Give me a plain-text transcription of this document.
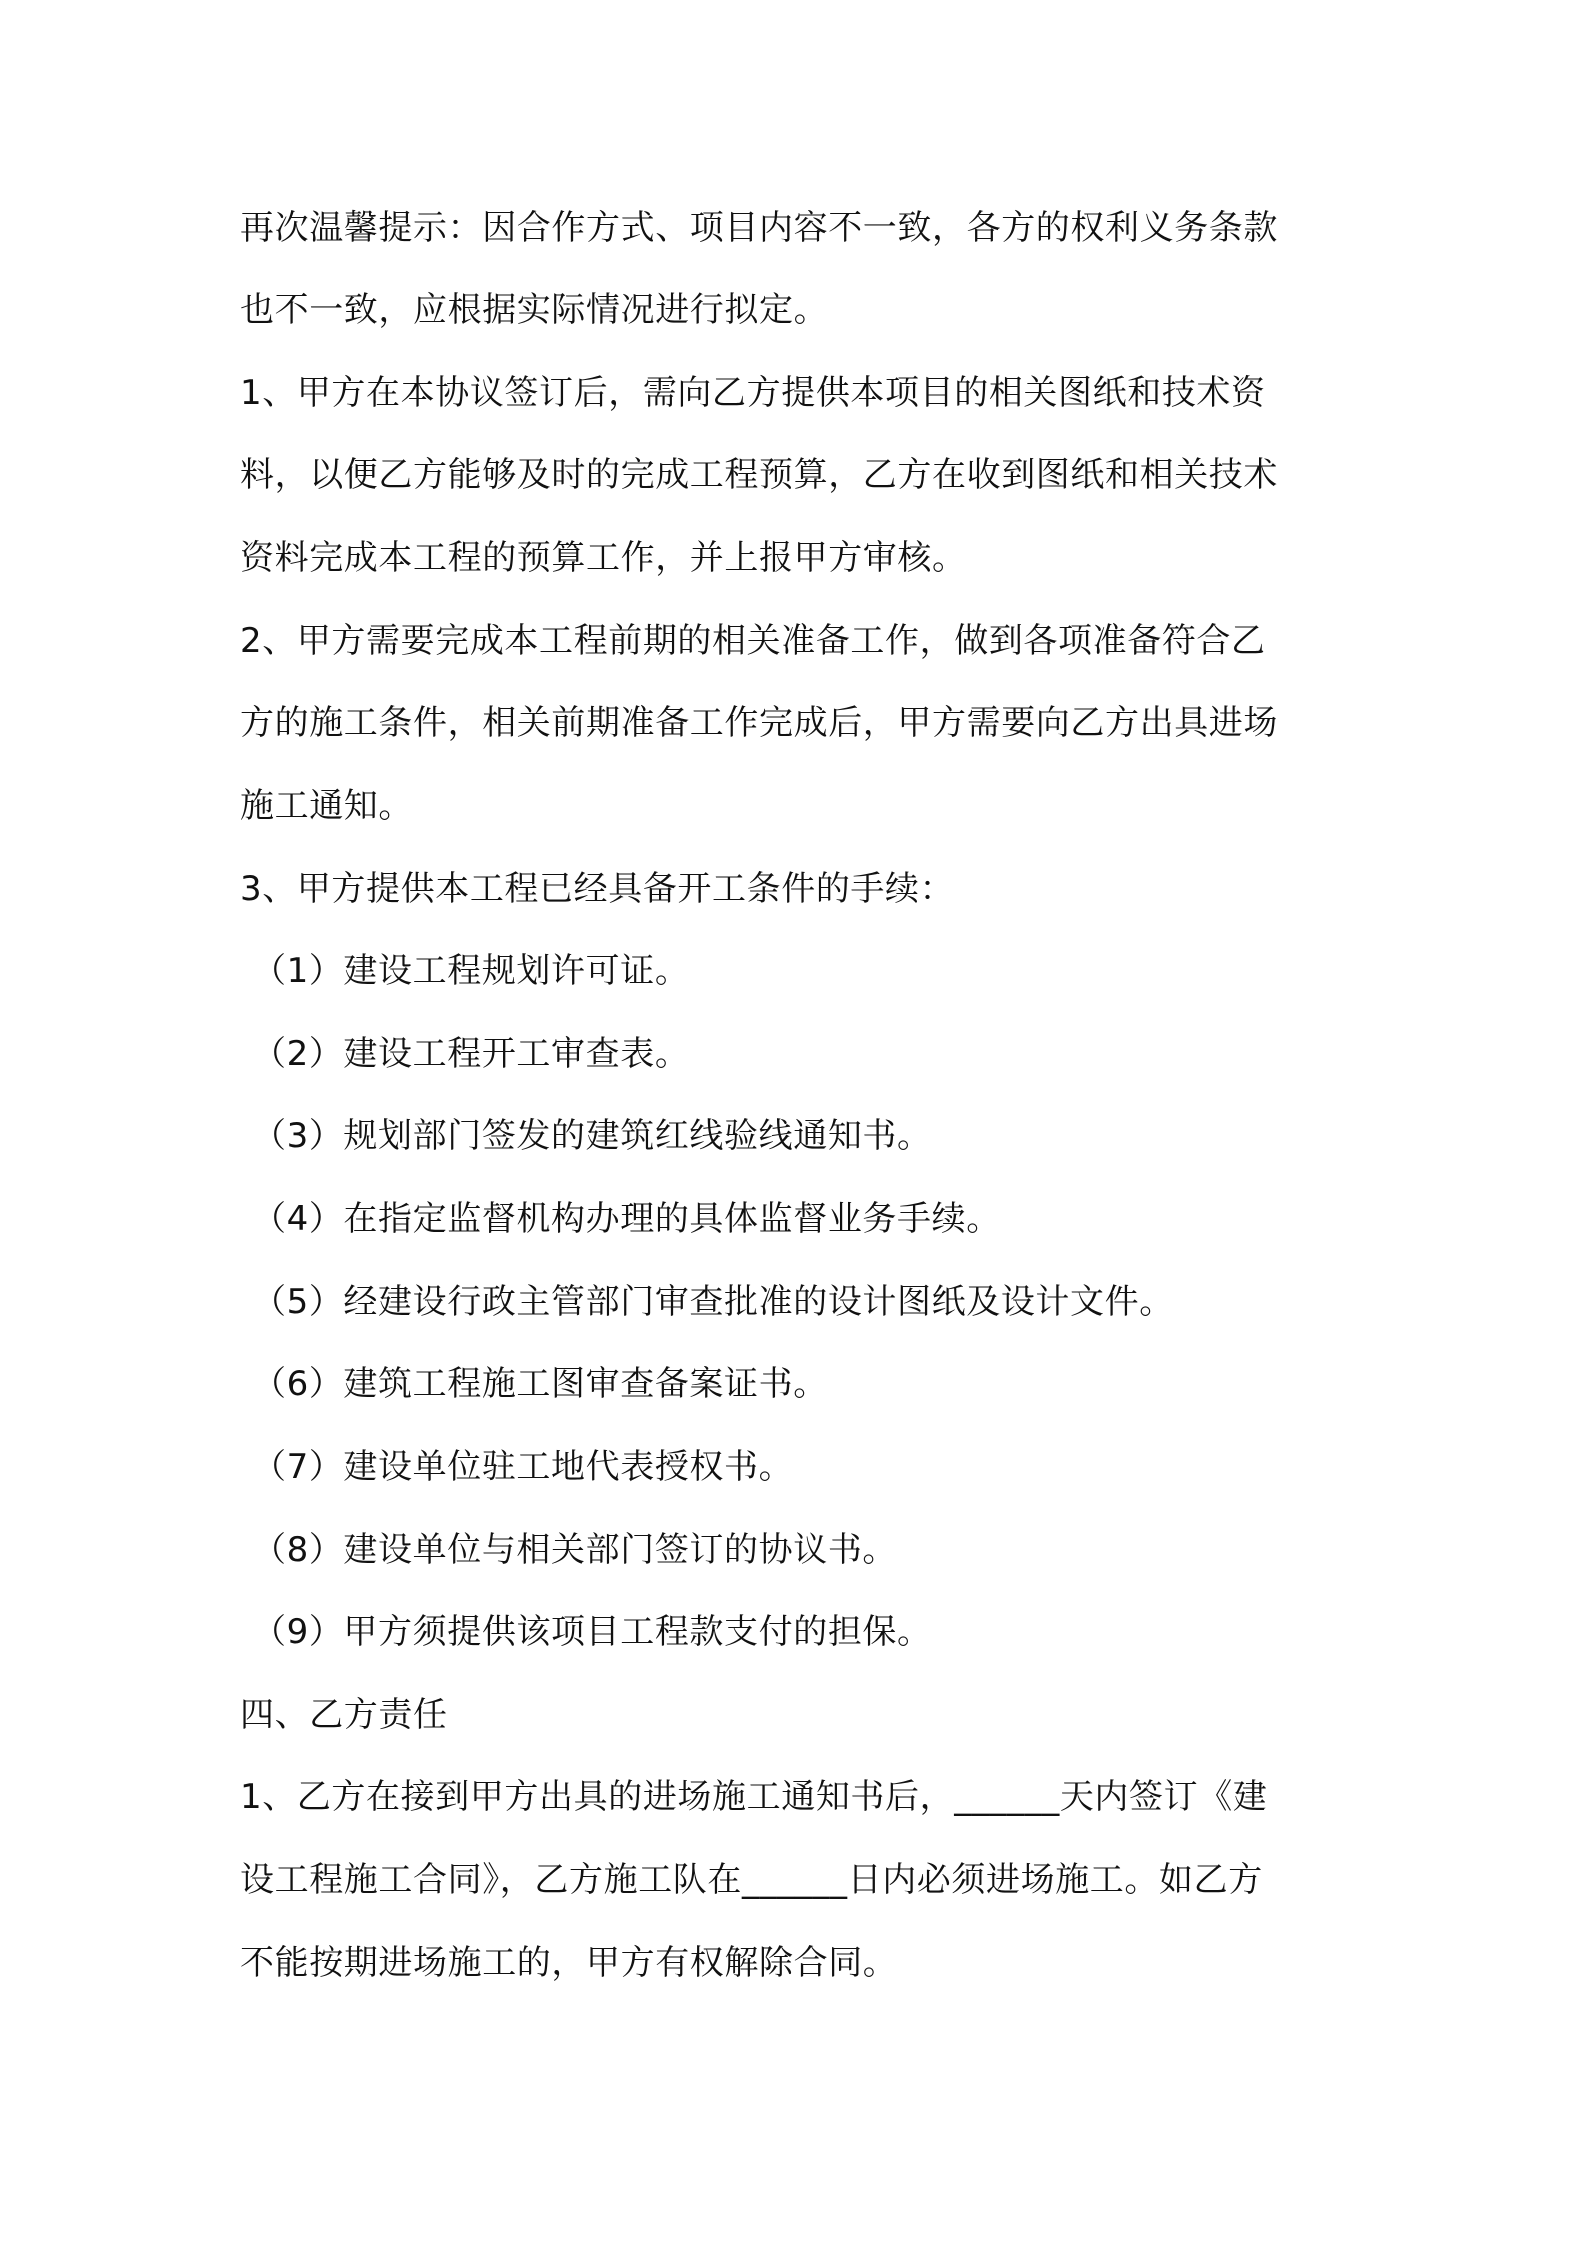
再次温馨提示：因合作方式、项目内容不一致，各方的权利义务条款
也不一致，应根据实际情况进行拟定。
1、甲方在本协议签订后，需向乙方提供本项目的相关图纸和技术资
料，以便乙方能够及时的完成工程预算，乙方在收到图纸和相关技术
资料完成本工程的预算工作，并上报甲方审核。
2、甲方需要完成本工程前期的相关准备工作，做到各项准备符合乙
方的施工条件，相关前期准备工作完成后，甲方需要向乙方出具进场
施工通知。
3、甲方提供本工程已经具备开工条件的手续：
（1）建设工程规划许可证。
（2）建设工程开工审查表。
（3）规划部门签发的建筑红线验线通知书。
（4）在指定监督机构办理的具体监督业务手续。
（5）经建设行政主管部门审查批准的设计图纸及设计文件。
（6）建筑工程施工图审查备案证书。
（7）建设单位驻工地代表授权书。
（8）建设单位与相关部门签订的协议书。
（9）甲方须提供该项目工程款支付的担保。
四、乙方责任
1、乙方在接到甲方出具的进场施工通知书后，______天内签订《建
设工程施工合同》，乙方施工队在______日内必须进场施工。如乙方
不能按期进场施工的，甲方有权解除合同。
